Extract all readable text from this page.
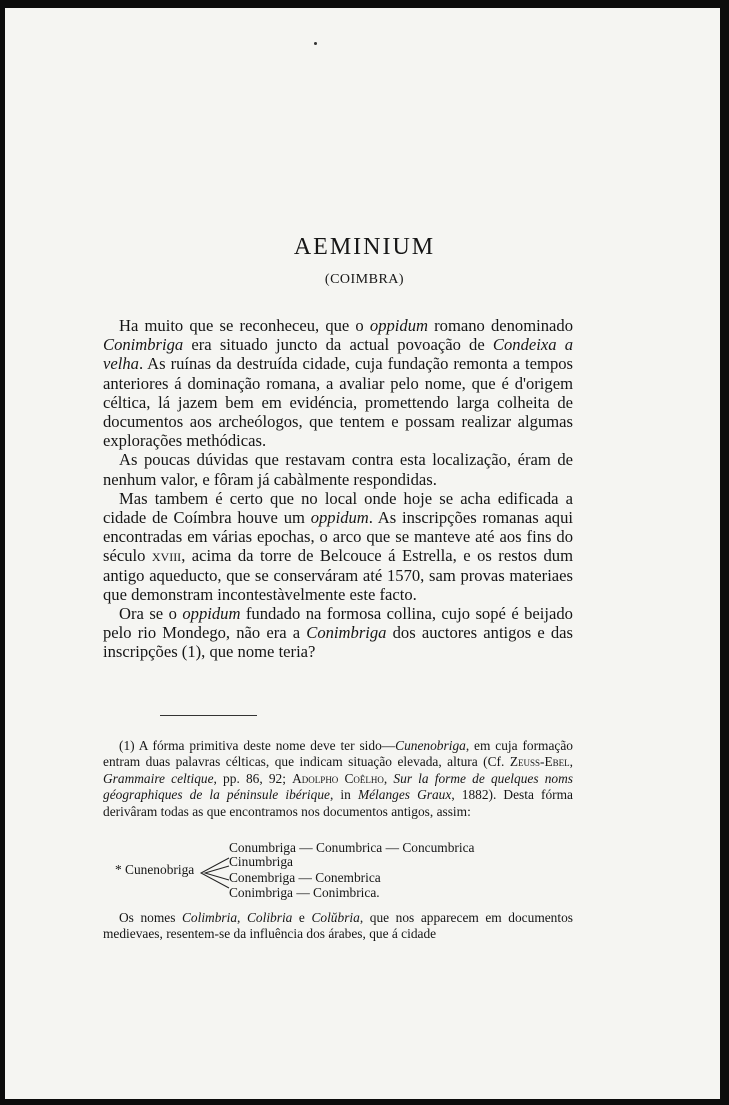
AEMINIUM
(COIMBRA)

Ha muito que se reconheceu, que o oppidum romano denominado Conimbriga era situado juncto da actual povoação de Condeixa a velha. As ruínas da destruída cidade, cuja fundação remonta a tempos anteriores á dominação romana, a avaliar pelo nome, que é d'origem céltica, lá jazem bem em evidéncia, promettendo larga colheita de documentos aos archeólogos, que tentem e possam realizar algumas explorações methódicas.

As poucas dúvidas que restavam contra esta localização, éram de nenhum valor, e fôram já cabàlmente respondidas.

Mas tambem é certo que no local onde hoje se acha edificada a cidade de Coímbra houve um oppidum. As inscripções romanas aqui encontradas em várias epochas, o arco que se manteve até aos fins do século xviii, acima da torre de Belcouce á Estrella, e os restos dum antigo aqueducto, que se conserváram até 1570, sam provas materiaes que demonstram incontestàvelmente este facto.

Ora se o oppidum fundado na formosa collina, cujo sopé é beijado pelo rio Mondego, não era a Conimbriga dos auctores antigos e das inscripções (1), que nome teria?

(1) A fórma primitiva deste nome deve ter sido—Cunenobriga, em cuja formação entram duas palavras célticas, que indicam situação elevada, altura (Cf. Zeuss-Ebel, Grammaire celtique, pp. 86, 92; Adolpho Coêlho, Sur la forme de quelques noms géographiques de la péninsule ibérique, in Mélanges Graux, 1882). Desta fórma derivâram todas as que encontramos nos documentos antigos, assim:

* Cunenobriga
Conumbriga — Conumbrica — Concumbrica
Cinumbriga
Conembriga — Conembrica
Conimbriga — Conimbrica.

Os nomes Colimbria, Colibria e Colŭbria, que nos apparecem em documentos medievaes, resentem-se da influência dos árabes, que á cidade
